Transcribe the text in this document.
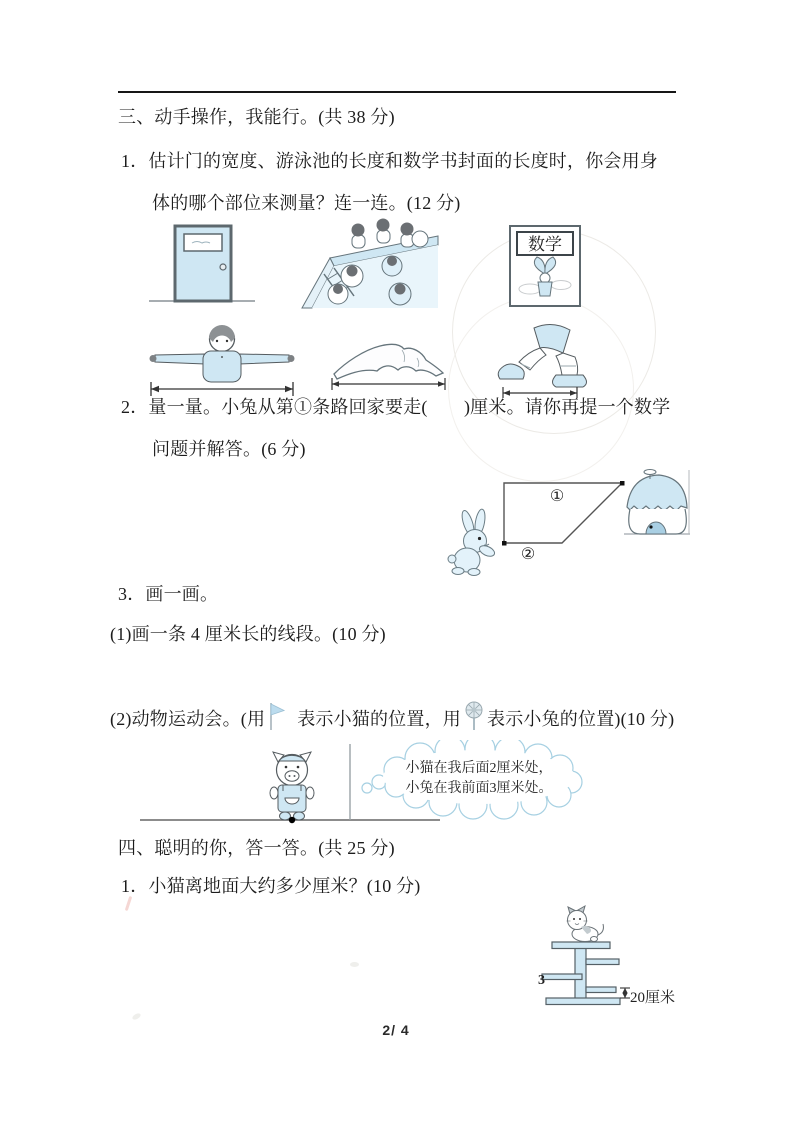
三、动手操作，我能行。(共 38 分)
1．估计门的宽度、游泳池的长度和数学书封面的长度时，你会用身
体的哪个部位来测量？连一连。(12 分)
数学
2．量一量。小兔从第①条路回家要走(　　)厘米。请你再提一个数学
问题并解答。(6 分)
①
②
3．画一画。
(1)画一条 4 厘米长的线段。(10 分)
(2)动物运动会。(用 表示小猫的位置，用 表示小兔的位置)(10 分)
小猫在我后面2厘米处，
小兔在我前面3厘米处。
四、聪明的你，答一答。(共 25 分)
1．小猫离地面大约多少厘米？(10 分)
3
20厘米
2/ 4
